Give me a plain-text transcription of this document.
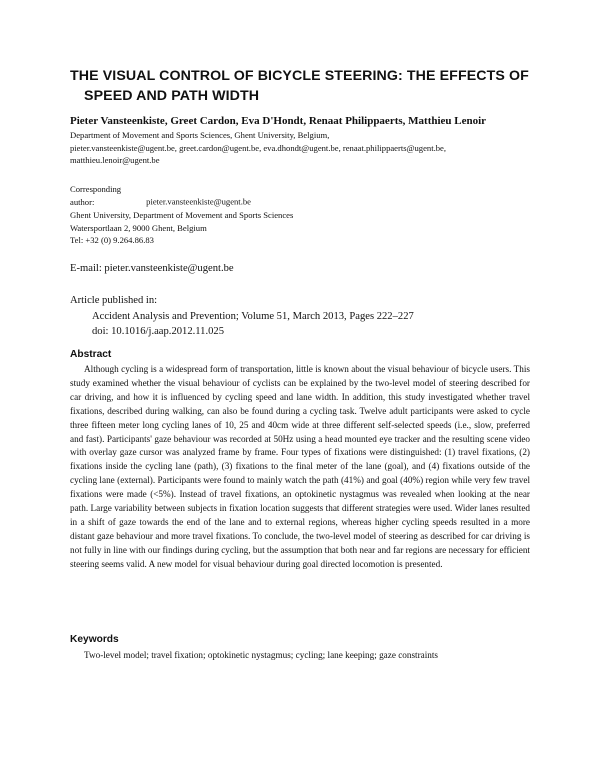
THE VISUAL CONTROL OF BICYCLE STEERING: THE EFFECTS OF
SPEED AND PATH WIDTH
Pieter Vansteenkiste, Greet Cardon, Eva D'Hondt, Renaat Philippaerts, Matthieu Lenoir
Department of Movement and Sports Sciences, Ghent University, Belgium,
pieter.vansteenkiste@ugent.be, greet.cardon@ugent.be, eva.dhondt@ugent.be, renaat.philippaerts@ugent.be,
matthieu.lenoir@ugent.be
Corresponding author:	pieter.vansteenkiste@ugent.be
Ghent University, Department of Movement and Sports Sciences
Watersportlaan 2, 9000 Ghent, Belgium
Tel: +32 (0) 9.264.86.83
E-mail: pieter.vansteenkiste@ugent.be
Article published in:
Accident Analysis and Prevention; Volume 51, March 2013, Pages 222–227
doi: 10.1016/j.aap.2012.11.025
Abstract

Although cycling is a widespread form of transportation, little is known about the visual behaviour of bicycle users. This study examined whether the visual behaviour of cyclists can be explained by the two-level model of steering described for car driving, and how it is influenced by cycling speed and lane width. In addition, this study investigated whether travel fixations, described during walking, can also be found during a cycling task. Twelve adult participants were asked to cycle three fifteen meter long cycling lanes of 10, 25 and 40cm wide at three different self-selected speeds (i.e., slow, preferred and fast). Participants' gaze behaviour was recorded at 50Hz using a head mounted eye tracker and the resulting scene video with overlay gaze cursor was analyzed frame by frame. Four types of fixations were distinguished: (1) travel fixations, (2) fixations inside the cycling lane (path), (3) fixations to the final meter of the lane (goal), and (4) fixations outside of the cycling lane (external). Participants were found to mainly watch the path (41%) and goal (40%) region while very few travel fixations were made (<5%). Instead of travel fixations, an optokinetic nystagmus was revealed when looking at the near path. Large variability between subjects in fixation location suggests that different strategies were used. Wider lanes resulted in a shift of gaze towards the end of the lane and to external regions, whereas higher cycling speeds resulted in a more distant gaze behaviour and more travel fixations. To conclude, the two-level model of steering as described for car driving is not fully in line with our findings during cycling, but the assumption that both near and far regions are necessary for efficient steering seems valid. A new model for visual behaviour during goal directed locomotion is presented.

Keywords
Two-level model; travel fixation; optokinetic nystagmus; cycling; lane keeping; gaze constraints
